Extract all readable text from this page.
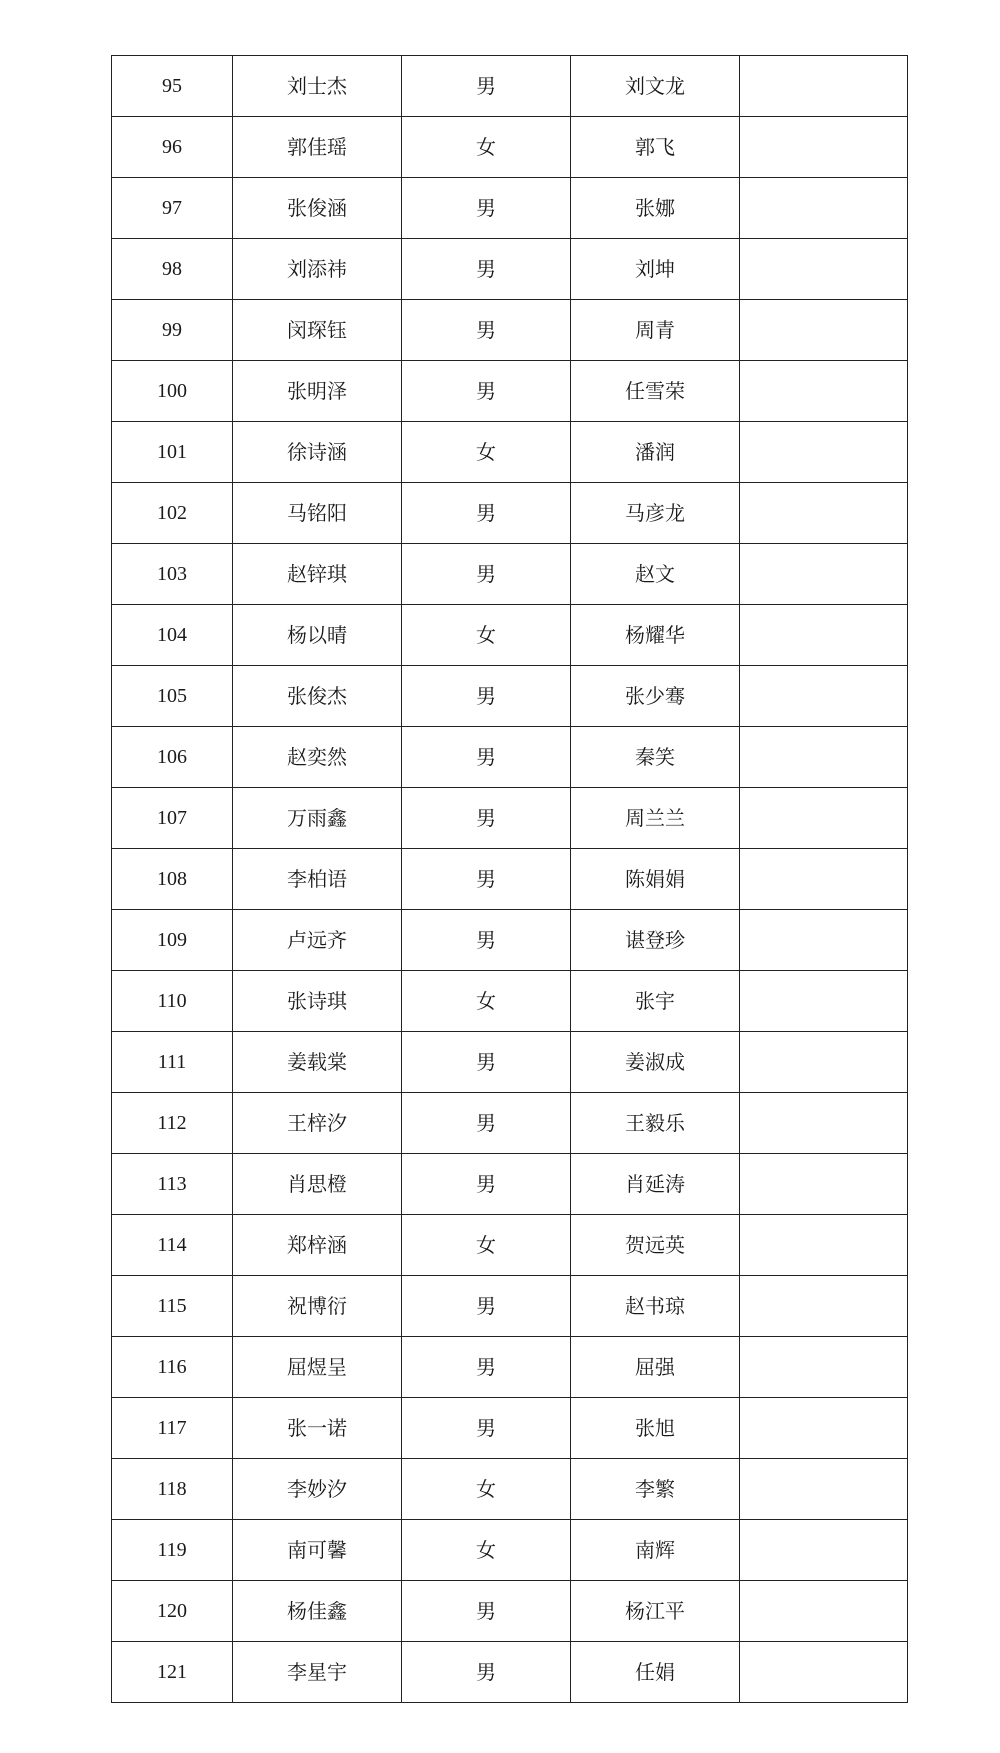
95	刘士杰	男	刘文龙	
96	郭佳瑶	女	郭飞	
97	张俊涵	男	张娜	
98	刘添祎	男	刘坤	
99	闵琛钰	男	周青	
100	张明泽	男	任雪荣	
101	徐诗涵	女	潘润	
102	马铭阳	男	马彦龙	
103	赵锌琪	男	赵文	
104	杨以晴	女	杨耀华	
105	张俊杰	男	张少骞	
106	赵奕然	男	秦笑	
107	万雨鑫	男	周兰兰	
108	李柏语	男	陈娟娟	
109	卢远齐	男	谌登珍	
110	张诗琪	女	张宇	
111	姜载棠	男	姜淑成	
112	王梓汐	男	王毅乐	
113	肖思橙	男	肖延涛	
114	郑梓涵	女	贺远英	
115	祝博衍	男	赵书琼	
116	屈煜呈	男	屈强	
117	张一诺	男	张旭	
118	李妙汐	女	李繁	
119	南可馨	女	南辉	
120	杨佳鑫	男	杨江平	
121	李星宇	男	任娟	
